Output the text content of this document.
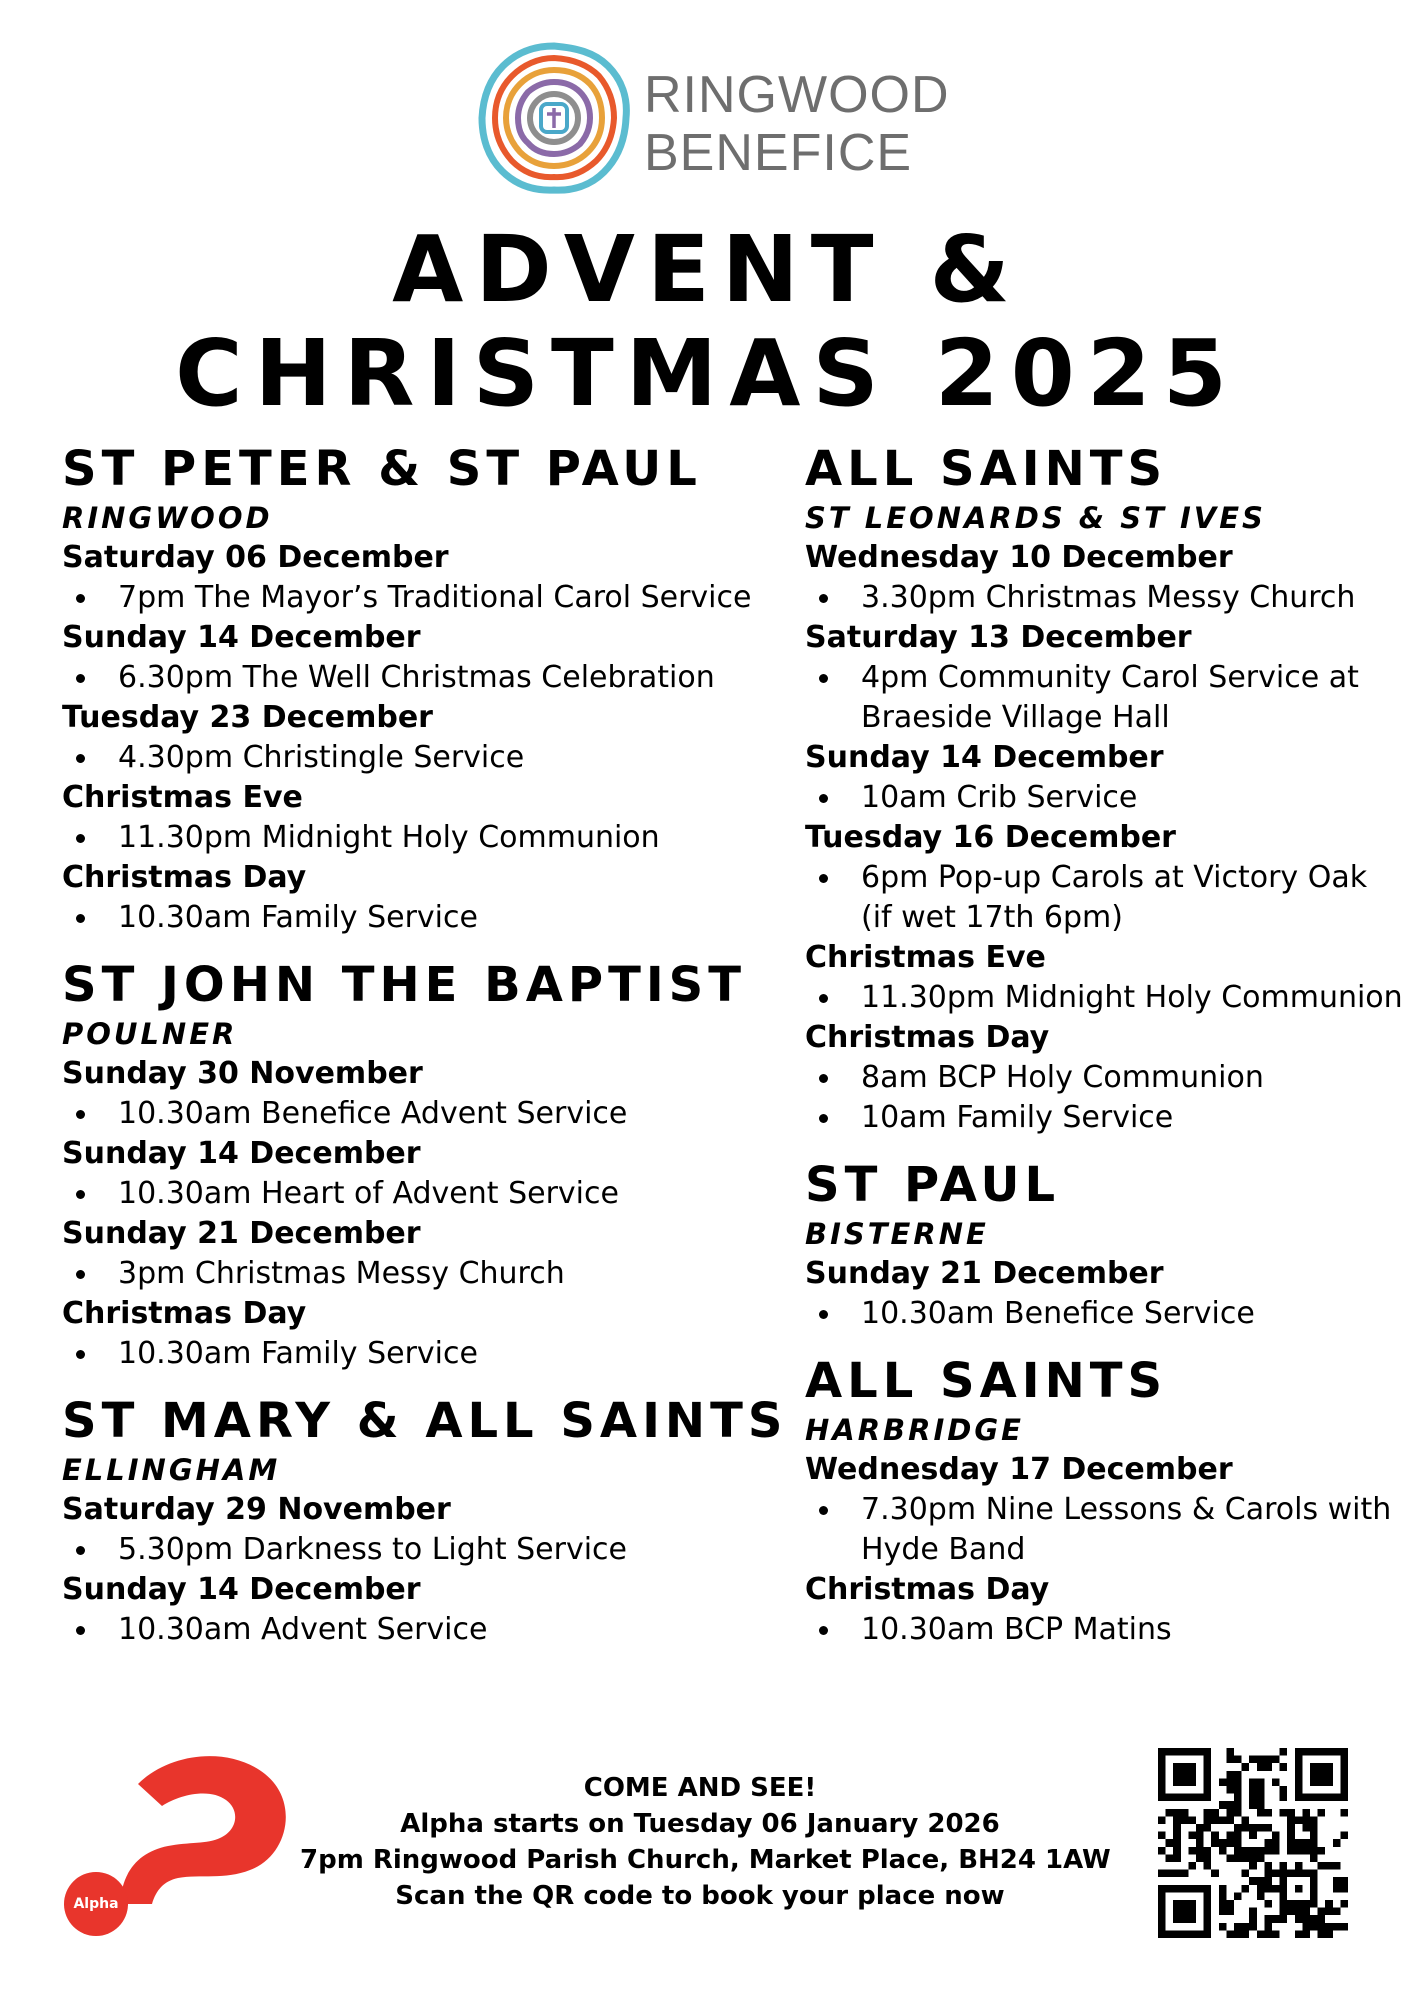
RINGWOOD
BENEFICE
ADVENT &
CHRISTMAS 2025
ST PETER & ST PAUL
RINGWOOD
Saturday 06 December
7pm The Mayor’s Traditional Carol Service
Sunday 14 December
6.30pm The Well Christmas Celebration
Tuesday 23 December
4.30pm Christingle Service
Christmas Eve
11.30pm Midnight Holy Communion
Christmas Day
10.30am Family Service
ST JOHN THE BAPTIST
POULNER
Sunday 30 November
10.30am Benefice Advent Service
Sunday 14 December
10.30am Heart of Advent Service
Sunday 21 December
3pm Christmas Messy Church
Christmas Day
10.30am Family Service
ST MARY & ALL SAINTS
ELLINGHAM
Saturday 29 November
5.30pm Darkness to Light Service
Sunday 14 December
10.30am Advent Service
ALL SAINTS
ST LEONARDS & ST IVES
Wednesday 10 December
3.30pm Christmas Messy Church
Saturday 13 December
4pm Community Carol Service at Braeside Village Hall
Sunday 14 December
10am Crib Service
Tuesday 16 December
6pm Pop-up Carols at Victory Oak (if wet 17th 6pm)
Christmas Eve
11.30pm Midnight Holy Communion
Christmas Day
8am BCP Holy Communion
10am Family Service
ST PAUL
BISTERNE
Sunday 21 December
10.30am Benefice Service
ALL SAINTS
HARBRIDGE
Wednesday 17 December
7.30pm Nine Lessons & Carols with Hyde Band
Christmas Day
10.30am BCP Matins
Alpha
COME AND SEE!
Alpha starts on Tuesday 06 January 2026
7pm Ringwood Parish Church, Market Place, BH24 1AW
Scan the QR code to book your place now
